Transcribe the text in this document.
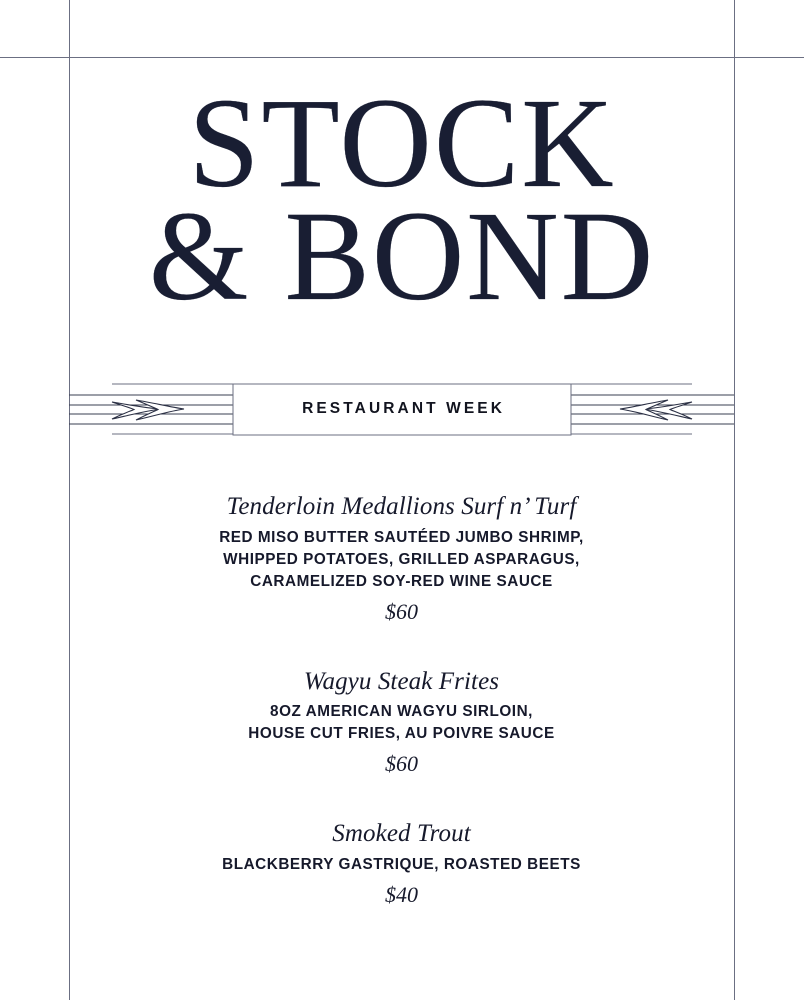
STOCK
& BOND
RESTAURANT WEEK

Tenderloin Medallions Surf n’ Turf

RED MISO BUTTER SAUTÉED JUMBO SHRIMP,
WHIPPED POTATOES, GRILLED ASPARAGUS,
CARAMELIZED SOY-RED WINE SAUCE

$60

Wagyu Steak Frites

8OZ AMERICAN WAGYU SIRLOIN,
HOUSE CUT FRIES, AU POIVRE SAUCE

$60

Smoked Trout

BLACKBERRY GASTRIQUE, ROASTED BEETS

$40
